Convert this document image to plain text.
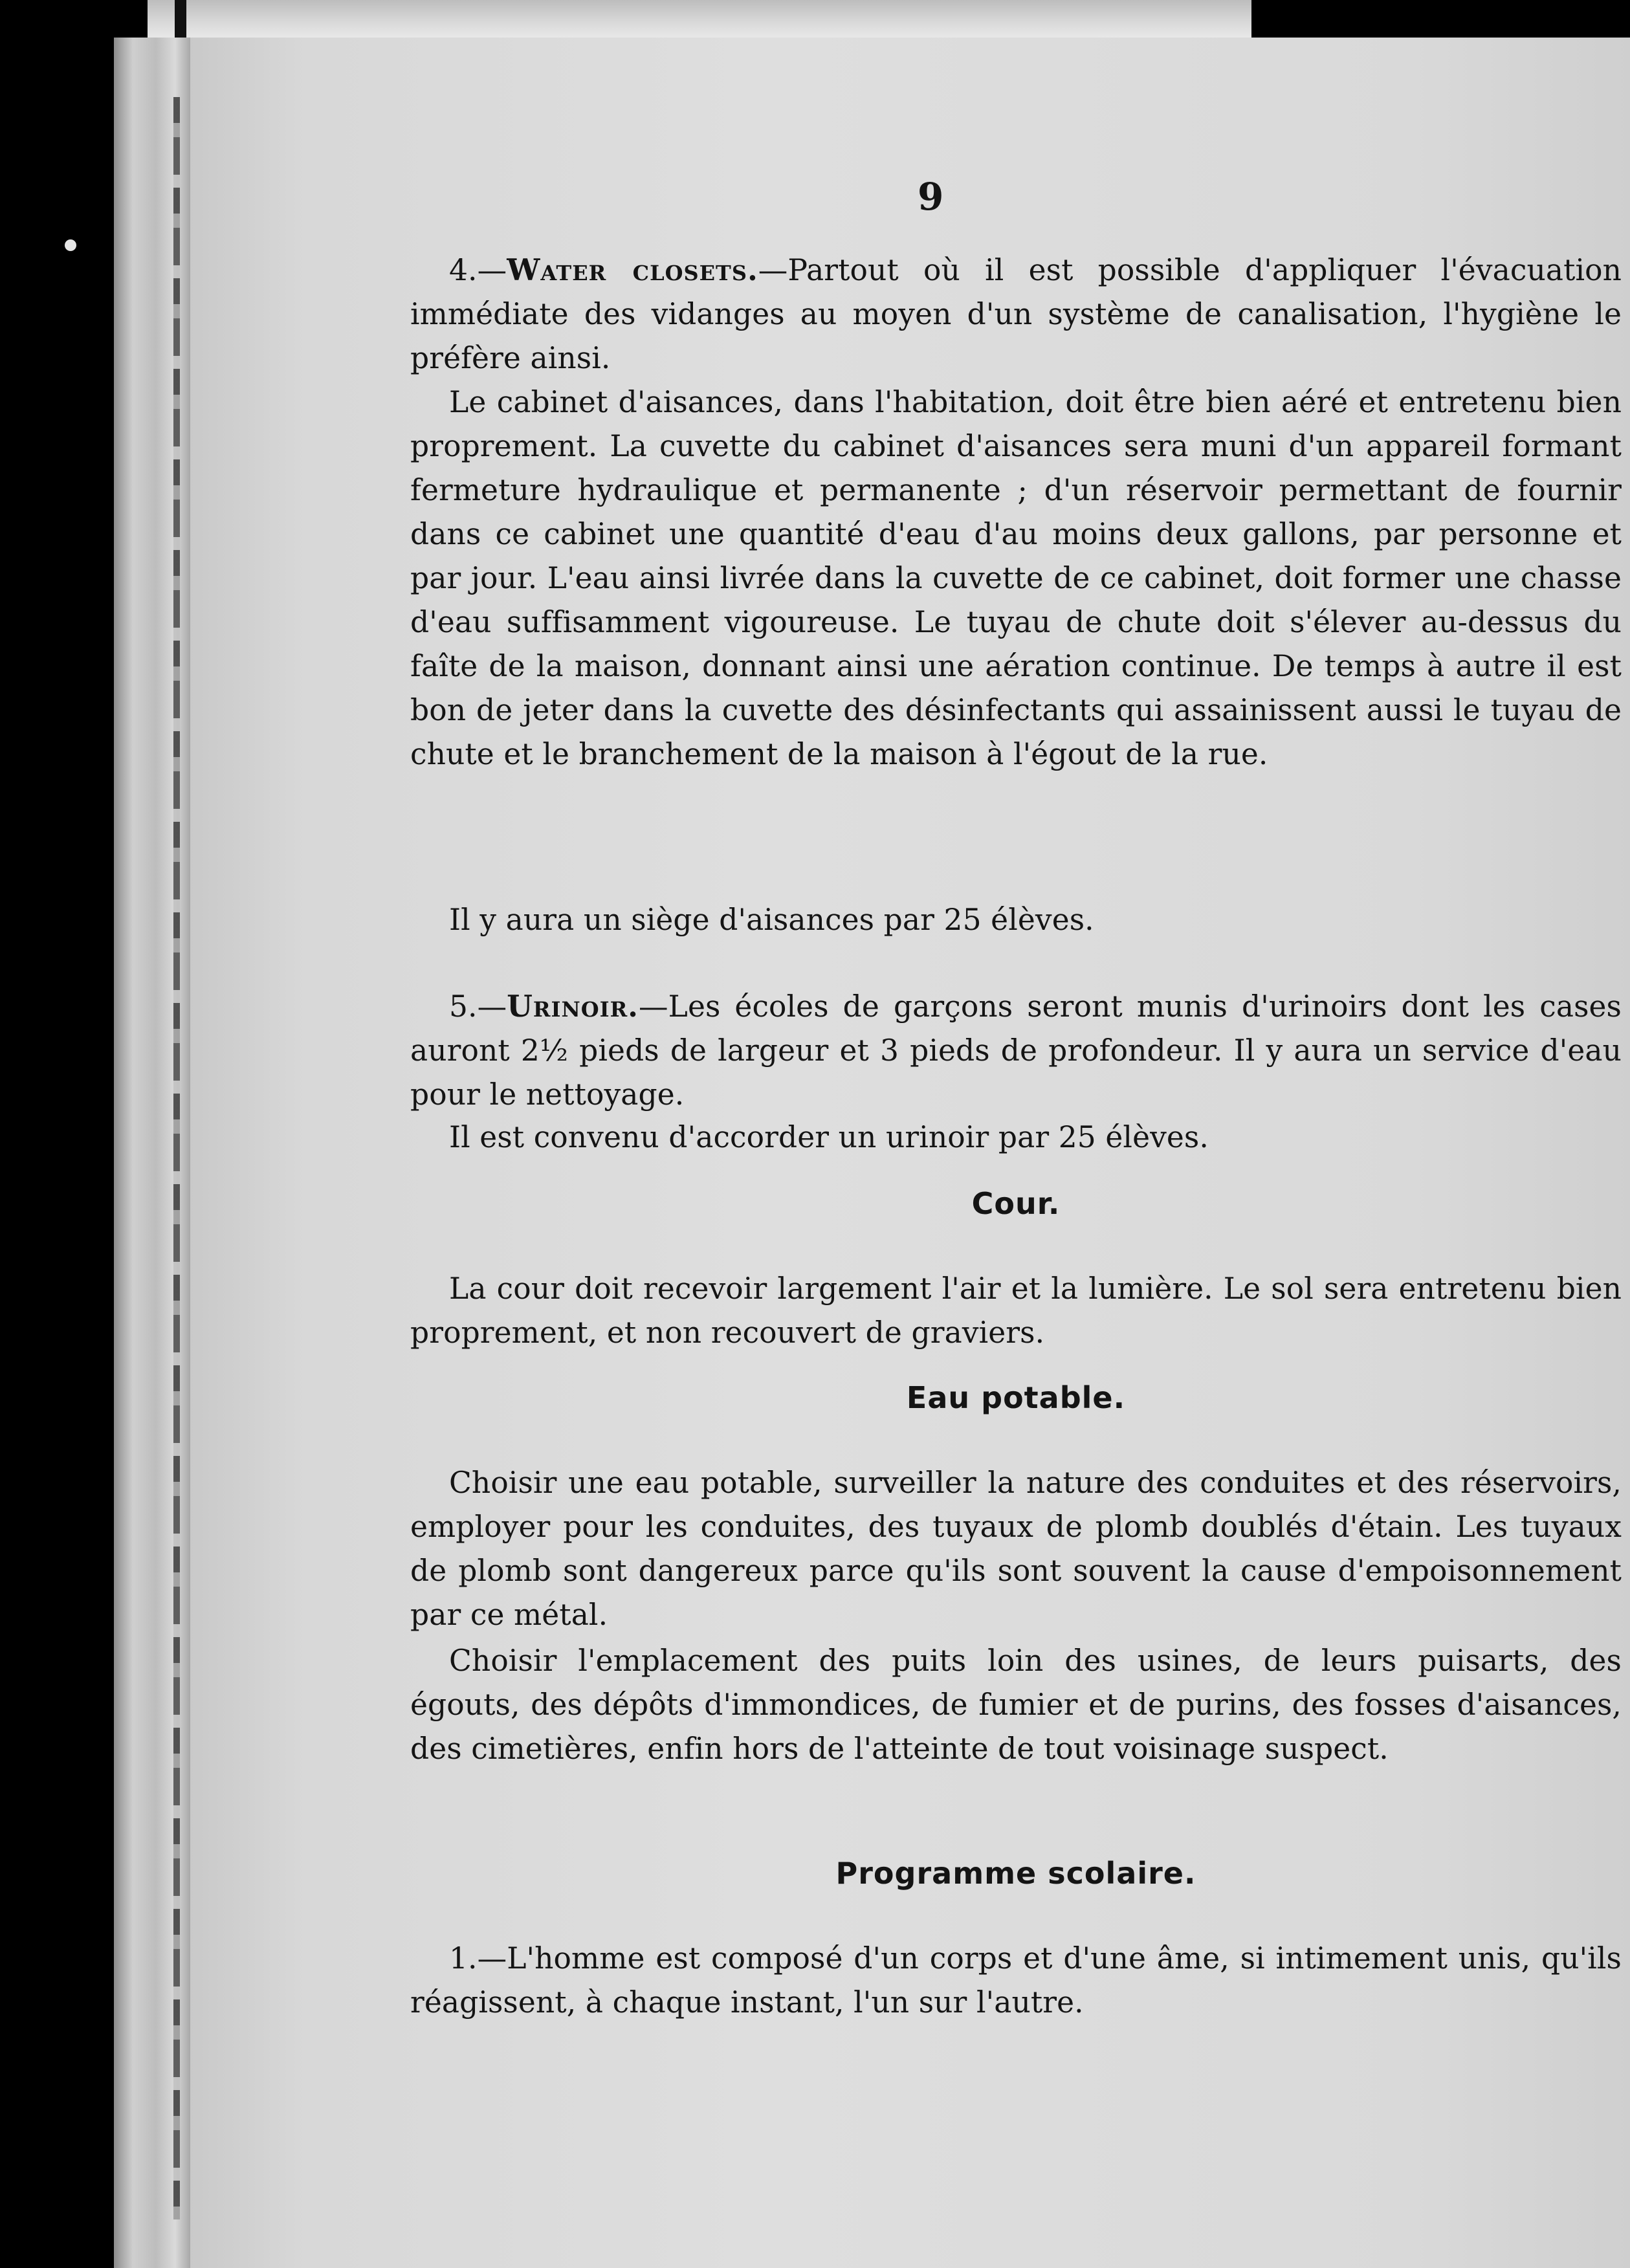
9

4.—Water closets.—Partout où il est possible d'appliquer l'évacuation immédiate des vidanges au moyen d'un système de canalisation, l'hygiène le préfère ainsi.

Le cabinet d'aisances, dans l'habitation, doit être bien aéré et entretenu bien proprement. La cuvette du cabinet d'aisances sera muni d'un appareil formant fermeture hydraulique et permanente ; d'un réservoir permettant de fournir dans ce cabinet une quantité d'eau d'au moins deux gallons, par personne et par jour. L'eau ainsi livrée dans la cuvette de ce cabinet, doit former une chasse d'eau suffisamment vigoureuse. Le tuyau de chute doit s'élever au-dessus du faîte de la maison, donnant ainsi une aération continue. De temps à autre il est bon de jeter dans la cuvette des désinfectants qui assainissent aussi le tuyau de chute et le branchement de la maison à l'égout de la rue.

Il y aura un siège d'aisances par 25 élèves.

5.—Urinoir.—Les écoles de garçons seront munis d'urinoirs dont les cases auront 2½ pieds de largeur et 3 pieds de profondeur. Il y aura un service d'eau pour le nettoyage.

Il est convenu d'accorder un urinoir par 25 élèves.

Cour.

La cour doit recevoir largement l'air et la lumière. Le sol sera entretenu bien proprement, et non recouvert de graviers.

Eau potable.

Choisir une eau potable, surveiller la nature des conduites et des réservoirs, employer pour les conduites, des tuyaux de plomb doublés d'étain. Les tuyaux de plomb sont dangereux parce qu'ils sont souvent la cause d'empoisonnement par ce métal.

Choisir l'emplacement des puits loin des usines, de leurs puisarts, des égouts, des dépôts d'immondices, de fumier et de purins, des fosses d'aisances, des cimetières, enfin hors de l'atteinte de tout voisinage suspect.

Programme scolaire.

1.—L'homme est composé d'un corps et d'une âme, si intimement unis, qu'ils réagissent, à chaque instant, l'un sur l'autre.
